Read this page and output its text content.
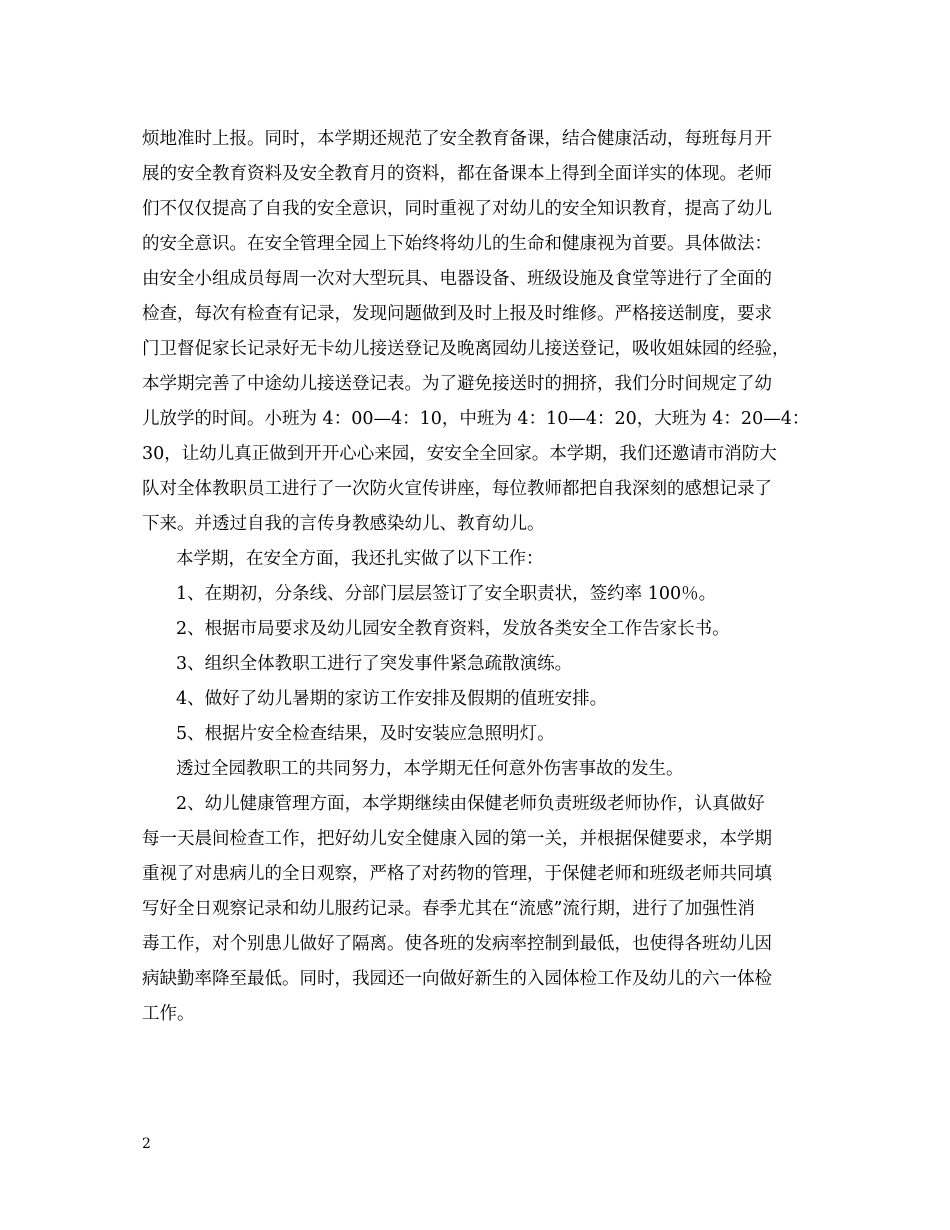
烦地准时上报。同时，本学期还规范了安全教育备课，结合健康活动，每班每月开
展的安全教育资料及安全教育月的资料，都在备课本上得到全面详实的体现。老师
们不仅仅提高了自我的安全意识，同时重视了对幼儿的安全知识教育，提高了幼儿
的安全意识。在安全管理全园上下始终将幼儿的生命和健康视为首要。具体做法：
由安全小组成员每周一次对大型玩具、电器设备、班级设施及食堂等进行了全面的
检查，每次有检查有记录，发现问题做到及时上报及时维修。严格接送制度，要求
门卫督促家长记录好无卡幼儿接送登记及晚离园幼儿接送登记，吸收姐妹园的经验，
本学期完善了中途幼儿接送登记表。为了避免接送时的拥挤，我们分时间规定了幼
儿放学的时间。小班为 4：00—4：10，中班为 4：10—4：20，大班为 4：20—4：
30，让幼儿真正做到开开心心来园，安安全全回家。本学期，我们还邀请市消防大
队对全体教职员工进行了一次防火宣传讲座，每位教师都把自我深刻的感想记录了
下来。并透过自我的言传身教感染幼儿、教育幼儿。
本学期，在安全方面，我还扎实做了以下工作：
1、在期初，分条线、分部门层层签订了安全职责状，签约率 100％。
2、根据市局要求及幼儿园安全教育资料，发放各类安全工作告家长书。
3、组织全体教职工进行了突发事件紧急疏散演练。
4、做好了幼儿暑期的家访工作安排及假期的值班安排。
5、根据片安全检查结果，及时安装应急照明灯。
透过全园教职工的共同努力，本学期无任何意外伤害事故的发生。
2、幼儿健康管理方面，本学期继续由保健老师负责班级老师协作，认真做好
每一天晨间检查工作，把好幼儿安全健康入园的第一关，并根据保健要求，本学期
重视了对患病儿的全日观察，严格了对药物的管理，于保健老师和班级老师共同填
写好全日观察记录和幼儿服药记录。春季尤其在“流感”流行期，进行了加强性消
毒工作，对个别患儿做好了隔离。使各班的发病率控制到最低，也使得各班幼儿因
病缺勤率降至最低。同时，我园还一向做好新生的入园体检工作及幼儿的六一体检
工作。
2
